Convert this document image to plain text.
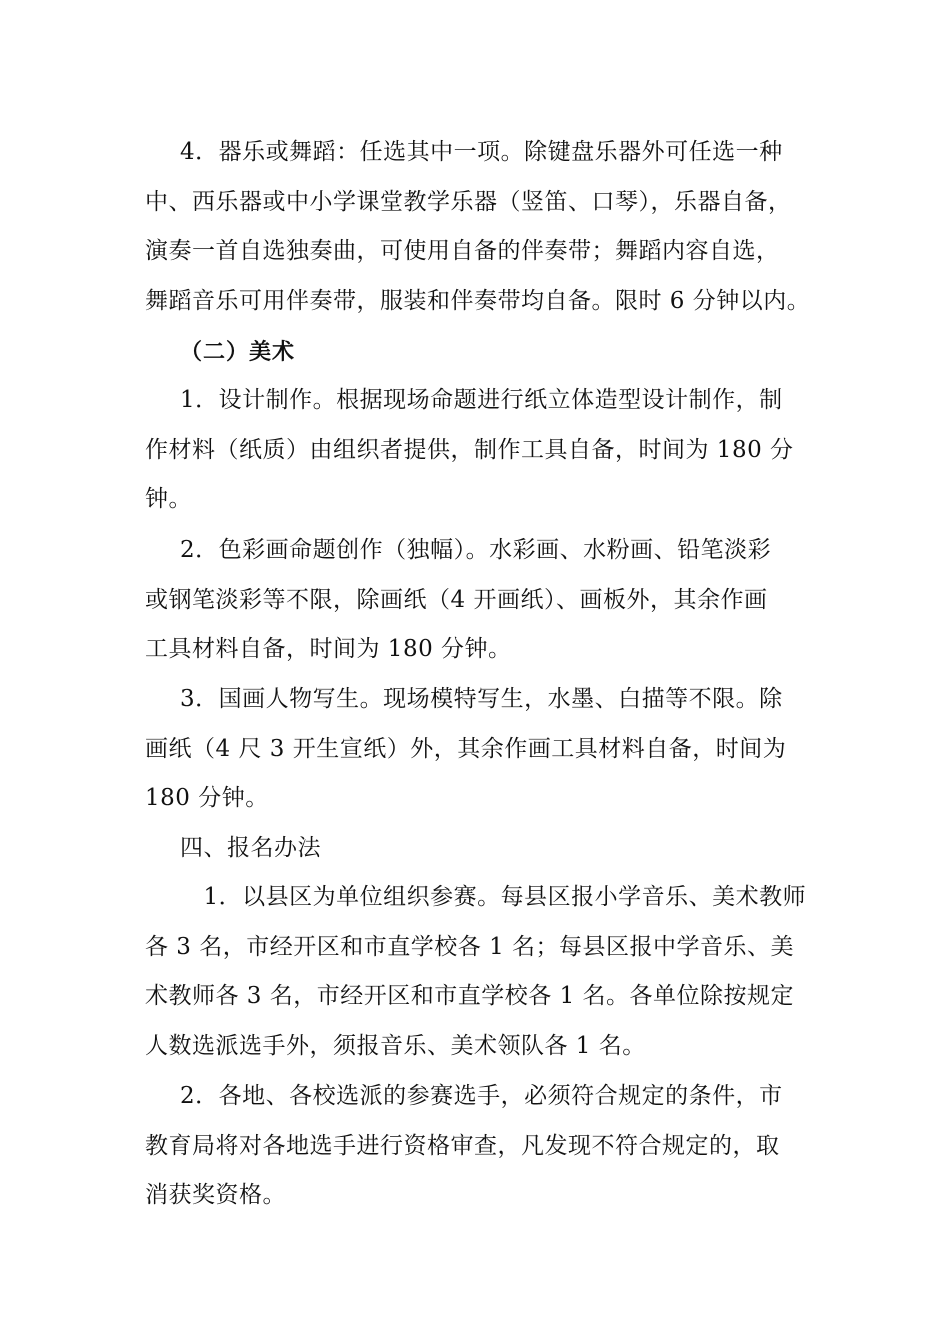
4．器乐或舞蹈：任选其中一项。除键盘乐器外可任选一种
中、西乐器或中小学课堂教学乐器（竖笛、口琴），乐器自备，
演奏一首自选独奏曲，可使用自备的伴奏带；舞蹈内容自选，
舞蹈音乐可用伴奏带，服装和伴奏带均自备。限时 6 分钟以内。
（二）美术
1．设计制作。根据现场命题进行纸立体造型设计制作，制
作材料（纸质）由组织者提供，制作工具自备，时间为 180 分
钟。
2．色彩画命题创作（独幅）。水彩画、水粉画、铅笔淡彩
或钢笔淡彩等不限，除画纸（4 开画纸）、画板外，其余作画
工具材料自备，时间为 180 分钟。
3．国画人物写生。现场模特写生，水墨、白描等不限。除
画纸（4 尺 3 开生宣纸）外，其余作画工具材料自备，时间为
180 分钟。
四、报名办法
　1．以县区为单位组织参赛。每县区报小学音乐、美术教师
各 3 名，市经开区和市直学校各 1 名；每县区报中学音乐、美
术教师各 3 名，市经开区和市直学校各 1 名。各单位除按规定
人数选派选手外，须报音乐、美术领队各 1 名。
2．各地、各校选派的参赛选手，必须符合规定的条件，市
教育局将对各地选手进行资格审查，凡发现不符合规定的，取
消获奖资格。
